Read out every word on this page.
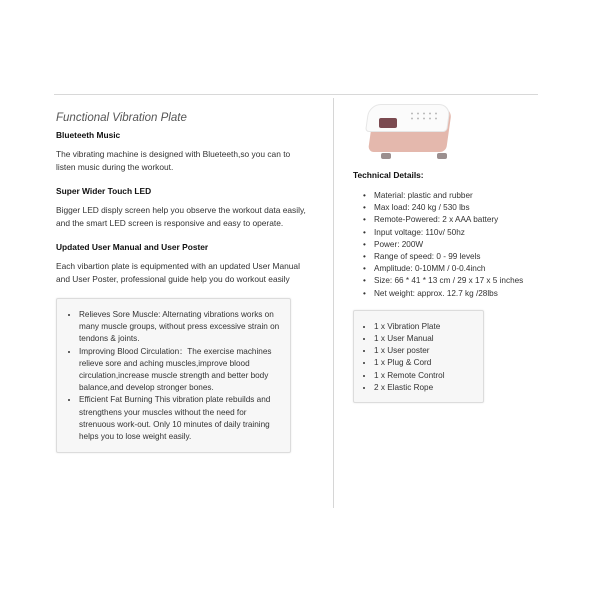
Functional Vibration Plate
Blueteeth Music
The vibrating machine is designed with Blueteeth,so you can to listen music during the workout.
Super Wider Touch LED
Bigger LED disply screen help you observe the workout data easily, and the smart LED screen is responsive and easy to operate.
Updated User Manual and User Poster
Each vibartion plate is equipmented with an updated User Manual and User Poster, professional guide help you do workout easily
• Relieves Sore Muscle: Alternating vibrations works on many muscle groups, without press excessive strain on tendons & joints.
• Improving Blood Circulation：The exercise machines relieve sore and aching muscles,improve blood circulation,increase muscle strength and better body balance,and develop stronger bones.
• Efficient Fat Burning This vibration plate rebuilds and strengthens your muscles without the need for strenuous work-out. Only 10 minutes of daily training helps you to lose weight easily.
Technical Details:
• Material: plastic and rubber
• Max load: 240 kg / 530 lbs
• Remote-Powered: 2 x AAA battery
• Input voltage: 110v/ 50hz
• Power: 200W
• Range of speed: 0 - 99 levels
• Amplitude: 0-10MM / 0-0.4inch
• Size: 66 * 41 * 13 cm / 29 x 17 x 5 inches
• Net weight: approx. 12.7 kg /28lbs
• 1 x Vibration Plate
• 1 x User Manual
• 1 x User poster
• 1 x Plug & Cord
• 1 x Remote Control
• 2 x Elastic Rope
